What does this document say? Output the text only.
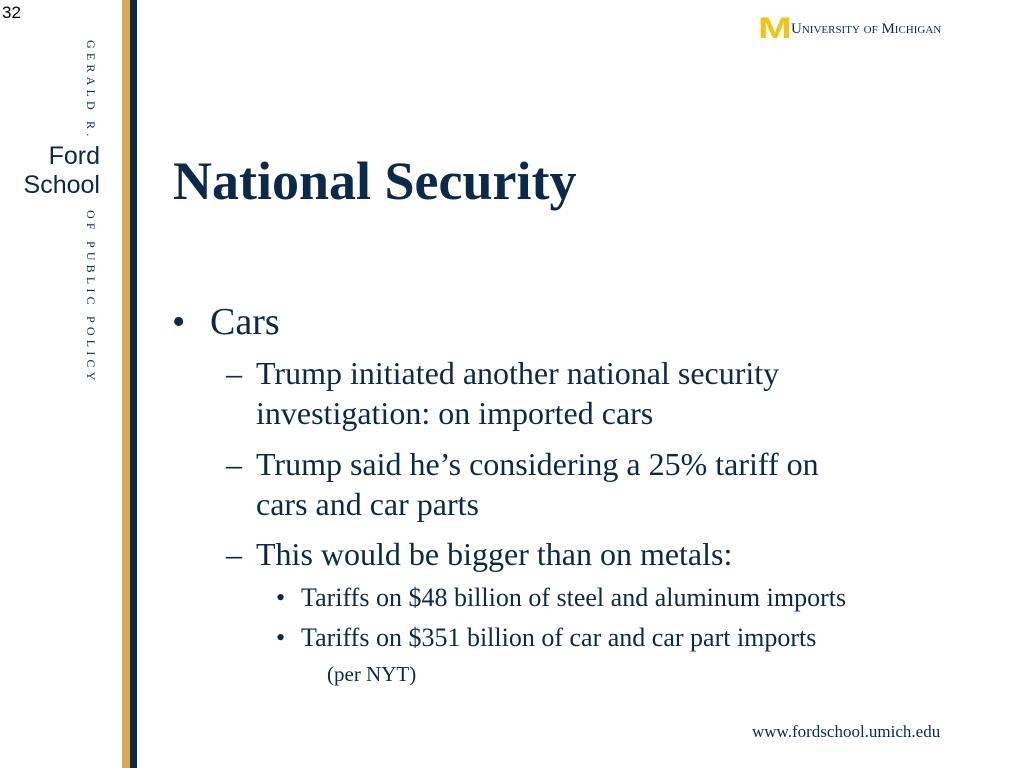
32
GERALD R.
Ford
School
OF PUBLIC POLICY
M University of Michigan
National Security
• Cars
– Trump initiated another national security
investigation: on imported cars
– Trump said he’s considering a 25% tariff on
cars and car parts
– This would be bigger than on metals:
• Tariffs on $48 billion of steel and aluminum imports
• Tariffs on $351 billion of car and car part imports
(per NYT)
www.fordschool.umich.edu
